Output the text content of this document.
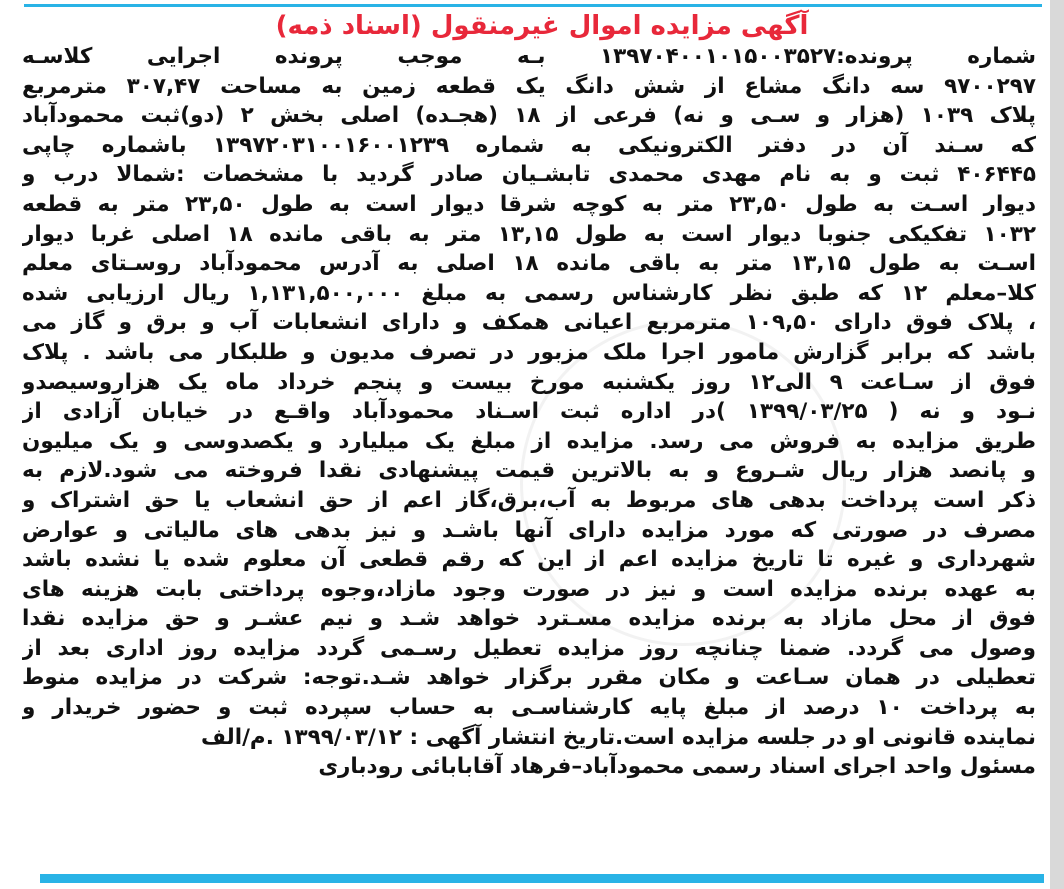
آگهی مزایده اموال غیرمنقول (اسناد ذمه)
شماره پرونده:۱۳۹۷۰۴۰۰۱۰۱۵۰۰۳۵۲۷ بـه موجب پرونده اجرایی کلاسـه
۹۷۰۰۲۹۷ سه دانگ مشاع از شش دانگ یک قطعه زمین به مساحت ۳۰۷,۴۷ مترمربع
پلاک ۱۰۳۹ (هزار و سـی و نه) فرعی از ۱۸ (هجـده) اصلی بخش ۲ (دو)ثبت محمودآباد
که سـند آن در دفتر الکترونیکی به شماره ۱۳۹۷۲۰۳۱۰۰۱۶۰۰۱۲۳۹ باشماره چاپی
۴۰۶۴۴۵ ثبت و به نام مهدی محمدی تابشـیان صادر گردید با مشخصات :شمالا درب و
دیوار اسـت به طول ۲۳,۵۰ متر به کوچه شرقا دیوار است به طول ۲۳,۵۰ متر به قطعه
۱۰۳۲ تفکیکی جنوبا دیوار است به طول ۱۳,۱۵ متر به باقی مانده ۱۸ اصلی غربا دیوار
اسـت به طول ۱۳,۱۵ متر به باقی مانده ۱۸ اصلی به آدرس محمودآباد روسـتای معلم
کلا–معلم ۱۲ که طبق نظر کارشناس رسمی به مبلغ ۱,۱۳۱,۵۰۰,۰۰۰ ریال ارزیابی شده
، پلاک فوق دارای ۱۰۹,۵۰ مترمربع اعیانی همکف و دارای انشعابات آب و برق و گاز می
باشد که برابر گزارش مامور اجرا ملک مزبور در تصرف مدیون و طلبکار می باشد . پلاک
فوق از سـاعت ۹ الی۱۲ روز یکشنبه مورخ بیست و پنجم خرداد ماه یک هزاروسیصدو
نـود و نه ( ۱۳۹۹/۰۳/۲۵ )در اداره ثبت اسـناد محمودآباد واقـع در خیابان آزادی از
طریق مزایده به فروش می رسد. مزایده از مبلغ یک میلیارد و یکصدوسی و یک میلیون
و پانصد هزار ریال شـروع و به بالاترین قیمت پیشنهادی نقدا فروخته می شود.لازم به
ذکر است پرداخت بدهی های مربوط به آب،برق،گاز اعم از حق انشعاب یا حق اشتراک و
مصرف در صورتی که مورد مزایده دارای آنها باشـد و نیز بدهی های مالیاتی و عوارض
شهرداری و غیره تا تاریخ مزایده اعم از این که رقم قطعی آن معلوم شده یا نشده باشد
به عهده برنده مزایده است و نیز در صورت وجود مازاد،وجوه پرداختی بابت هزینه های
فوق از محل مازاد به برنده مزایده مسـترد خواهد شـد و نیم عشـر و حق مزایده نقدا
وصول می گردد. ضمنا چنانچه روز مزایده تعطیل رسـمی گردد مزایده روز اداری بعد از
تعطیلی در همان سـاعت و مکان مقرر برگزار خواهد شـد.توجه: شرکت در مزایده منوط
به پرداخت ۱۰ درصد از مبلغ پایه کارشناسـی به حساب سپرده ثبت و حضور خریدار و
نماینده قانونی او در جلسه مزایده است.تاریخ انتشار آگهی : ۱۳۹۹/۰۳/۱۲ .م/الف
مسئول واحد اجرای اسناد رسمی محمودآباد–فرهاد آقابابائی رودباری
